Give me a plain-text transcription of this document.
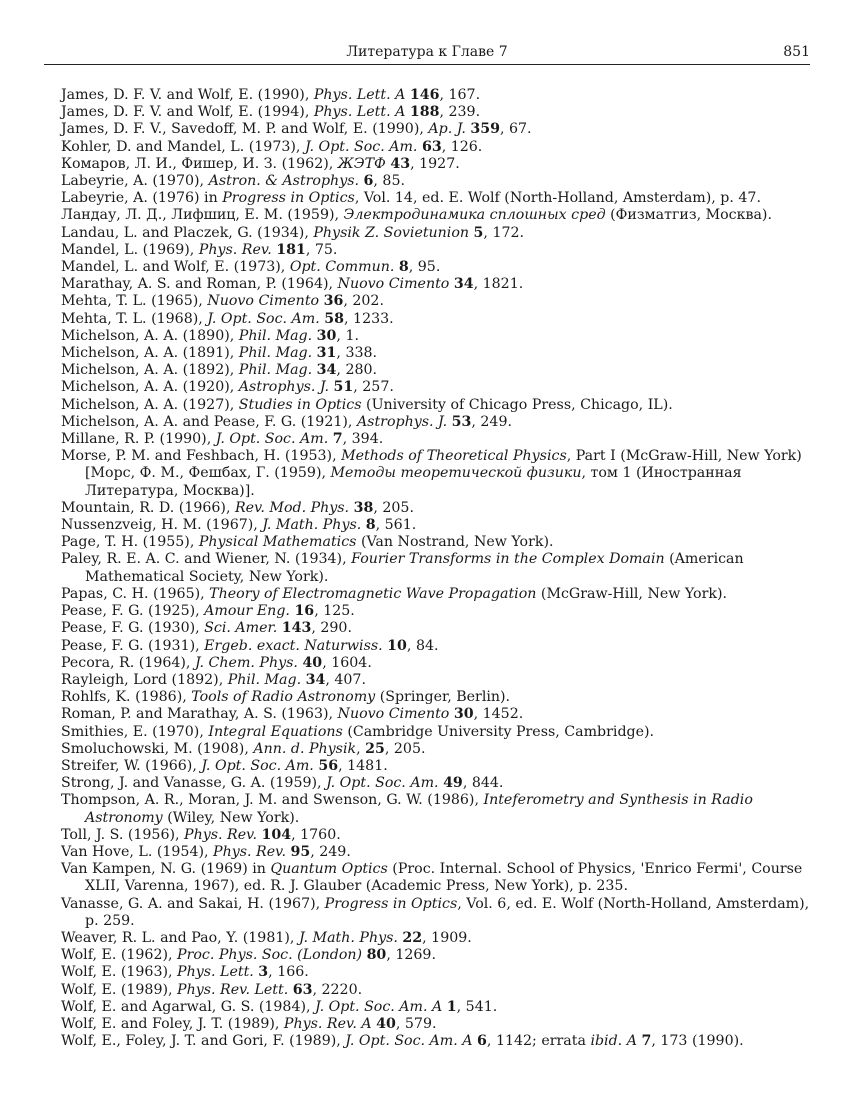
Литература к Главе 7	851
James, D. F. V. and Wolf, E. (1990), Phys. Lett. A 146, 167.
James, D. F. V. and Wolf, E. (1994), Phys. Lett. A 188, 239.
James, D. F. V., Savedoff, M. P. and Wolf, E. (1990), Ap. J. 359, 67.
Kohler, D. and Mandel, L. (1973), J. Opt. Soc. Am. 63, 126.
Комаров, Л. И., Фишер, И. З. (1962), ЖЭТФ 43, 1927.
Labeyrie, A. (1970), Astron. & Astrophys. 6, 85.
Labeyrie, A. (1976) in Progress in Optics, Vol. 14, ed. E. Wolf (North-Holland, Amsterdam), p. 47.
Ландау, Л. Д., Лифшиц, Е. М. (1959), Электродинамика сплошных сред (Физматгиз, Москва).
Landau, L. and Placzek, G. (1934), Physik Z. Sovietunion 5, 172.
Mandel, L. (1969), Phys. Rev. 181, 75.
Mandel, L. and Wolf, E. (1973), Opt. Commun. 8, 95.
Marathay, A. S. and Roman, P. (1964), Nuovo Cimento 34, 1821.
Mehta, T. L. (1965), Nuovo Cimento 36, 202.
Mehta, T. L. (1968), J. Opt. Soc. Am. 58, 1233.
Michelson, A. A. (1890), Phil. Mag. 30, 1.
Michelson, A. A. (1891), Phil. Mag. 31, 338.
Michelson, A. A. (1892), Phil. Mag. 34, 280.
Michelson, A. A. (1920), Astrophys. J. 51, 257.
Michelson, A. A. (1927), Studies in Optics (University of Chicago Press, Chicago, IL).
Michelson, A. A. and Pease, F. G. (1921), Astrophys. J. 53, 249.
Millane, R. P. (1990), J. Opt. Soc. Am. 7, 394.
Morse, P. M. and Feshbach, H. (1953), Methods of Theoretical Physics, Part I (McGraw-Hill, New York) [Морс, Ф. М., Фешбах, Г. (1959), Методы теоретической физики, том 1 (Иностранная Литература, Москва)].
Mountain, R. D. (1966), Rev. Mod. Phys. 38, 205.
Nussenzveig, H. M. (1967), J. Math. Phys. 8, 561.
Page, T. H. (1955), Physical Mathematics (Van Nostrand, New York).
Paley, R. E. A. C. and Wiener, N. (1934), Fourier Transforms in the Complex Domain (American Mathematical Society, New York).
Papas, C. H. (1965), Theory of Electromagnetic Wave Propagation (McGraw-Hill, New York).
Pease, F. G. (1925), Amour Eng. 16, 125.
Pease, F. G. (1930), Sci. Amer. 143, 290.
Pease, F. G. (1931), Ergeb. exact. Naturwiss. 10, 84.
Pecora, R. (1964), J. Chem. Phys. 40, 1604.
Rayleigh, Lord (1892), Phil. Mag. 34, 407.
Rohlfs, K. (1986), Tools of Radio Astronomy (Springer, Berlin).
Roman, P. and Marathay, A. S. (1963), Nuovo Cimento 30, 1452.
Smithies, E. (1970), Integral Equations (Cambridge University Press, Cambridge).
Smoluchowski, M. (1908), Ann. d. Physik, 25, 205.
Streifer, W. (1966), J. Opt. Soc. Am. 56, 1481.
Strong, J. and Vanasse, G. A. (1959), J. Opt. Soc. Am. 49, 844.
Thompson, A. R., Moran, J. M. and Swenson, G. W. (1986), Inteferometry and Synthesis in Radio Astronomy (Wiley, New York).
Toll, J. S. (1956), Phys. Rev. 104, 1760.
Van Hove, L. (1954), Phys. Rev. 95, 249.
Van Kampen, N. G. (1969) in Quantum Optics (Proc. Internal. School of Physics, 'Enrico Fermi', Course XLII, Varenna, 1967), ed. R. J. Glauber (Academic Press, New York), p. 235.
Vanasse, G. A. and Sakai, H. (1967), Progress in Optics, Vol. 6, ed. E. Wolf (North-Holland, Amsterdam), p. 259.
Weaver, R. L. and Pao, Y. (1981), J. Math. Phys. 22, 1909.
Wolf, E. (1962), Proc. Phys. Soc. (London) 80, 1269.
Wolf, E. (1963), Phys. Lett. 3, 166.
Wolf, E. (1989), Phys. Rev. Lett. 63, 2220.
Wolf, E. and Agarwal, G. S. (1984), J. Opt. Soc. Am. A 1, 541.
Wolf, E. and Foley, J. T. (1989), Phys. Rev. A 40, 579.
Wolf, E., Foley, J. T. and Gori, F. (1989), J. Opt. Soc. Am. A 6, 1142; errata ibid. A 7, 173 (1990).
